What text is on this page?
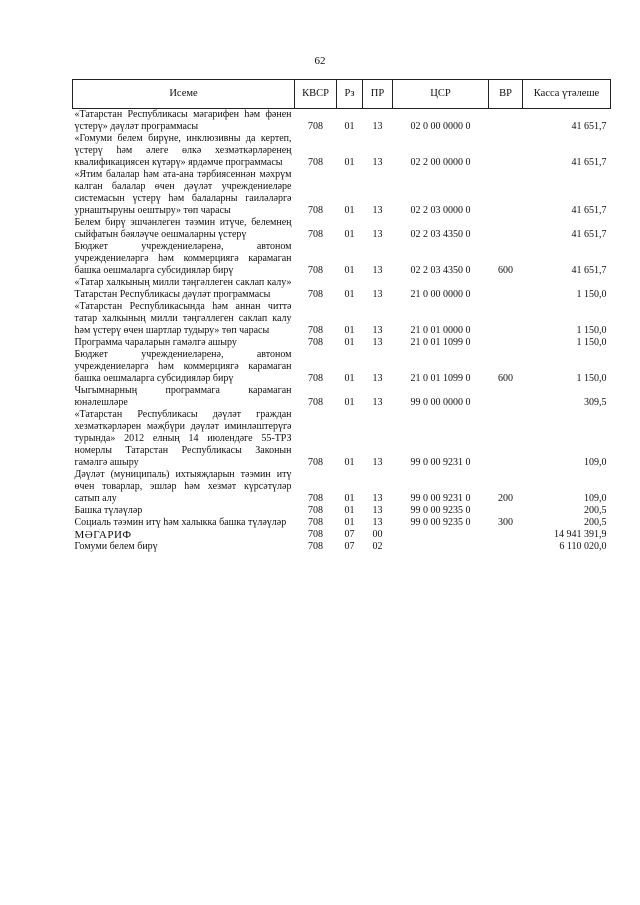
62
Исеме	КВСР	Рз	ПР	ЦСР	ВР	Касса үтәлеше
«Татарстан Республикасы мәгарифен һәм фәнен үстерү» дәүләт программасы	708	01	13	02 0 00 0000 0		41 651,7
«Гомуми белем бирүне, инклюзивны да кертеп, үстерү һәм әлеге өлкә хезмәткәрләренең квалификациясен күтәрү» ярдәмче программасы	708	01	13	02 2 00 0000 0		41 651,7
«Ятим балалар һәм ата-ана тәрбиясеннән мәхрүм калган балалар өчен дәүләт учреждениеләре системасын үстерү һәм балаларны гаиләләргә урнаштыруны оештыру» төп чарасы	708	01	13	02 2 03 0000 0		41 651,7
Белем бирү эшчәнлеген тәэмин итүче, белемнең сыйфатын бәяләүче оешмаларны үстерү	708	01	13	02 2 03 4350 0		41 651,7
Бюджет учреждениеләренә, автоном учреждениеләргә һәм коммерциягә карамаган башка оешмаларга субсидияләр бирү	708	01	13	02 2 03 4350 0	600	41 651,7
«Татар халкының милли тәңгәллеген саклап калу» Татарстан Республикасы дәүләт программасы	708	01	13	21 0 00 0000 0		1 150,0
«Татарстан Республикасында һәм аннан читтә татар халкының милли тәңгәллеген саклап калу һәм үстерү өчен шартлар тудыру» төп чарасы	708	01	13	21 0 01 0000 0		1 150,0
Программа чараларын гамәлгә ашыру	708	01	13	21 0 01 1099 0		1 150,0
Бюджет учреждениеләренә, автоном учреждениеләргә һәм коммерциягә карамаган башка оешмаларга субсидияләр бирү	708	01	13	21 0 01 1099 0	600	1 150,0
Чыгымнарның программага карамаган юнәлешләре	708	01	13	99 0 00 0000 0		309,5
«Татарстан Республикасы дәүләт граждан хезмәткәрләрен мәҗбүри дәүләт иминләштерүгә турында» 2012 елның 14 июлендәге 55-ТРЗ номерлы Татарстан Республикасы Законын гамәлгә ашыру	708	01	13	99 0 00 9231 0		109,0
Дәүләт (муниципаль) ихтыяҗларын тәэмин итү өчен товарлар, эшләр һәм хезмәт күрсәтүләр сатып алу	708	01	13	99 0 00 9231 0	200	109,0
Башка түләүләр	708	01	13	99 0 00 9235 0		200,5
Социаль тәэмин итү һәм халыкка башка түләүләр	708	01	13	99 0 00 9235 0	300	200,5
МӘГАРИФ	708	07	00			14 941 391,9
Гомуми белем бирү	708	07	02			6 110 020,0
